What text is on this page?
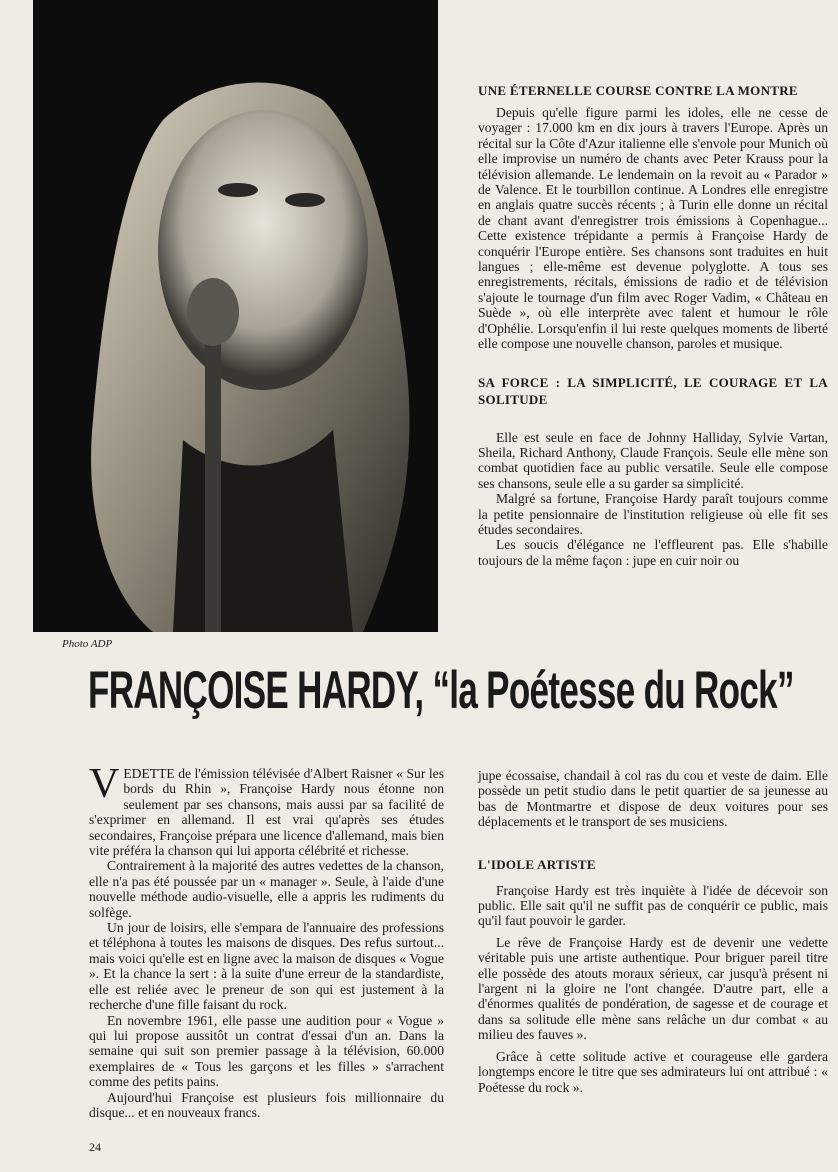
Photo ADP
UNE ÉTERNELLE COURSE CONTRE LA MONTRE

Depuis qu'elle figure parmi les idoles, elle ne cesse de voyager : 17.000 km en dix jours à travers l'Europe. Après un récital sur la Côte d'Azur italienne elle s'envole pour Munich où elle improvise un numéro de chants avec Peter Krauss pour la télévision allemande. Le lendemain on la revoit au « Parador » de Valence. Et le tourbillon continue. A Londres elle enregistre en anglais quatre succès récents ; à Turin elle donne un récital de chant avant d'enregistrer trois émissions à Copenhague... Cette existence trépidante a permis à Françoise Hardy de conquérir l'Europe entière. Ses chansons sont traduites en huit langues ; elle-même est devenue polyglotte. A tous ses enregistrements, récitals, émissions de radio et de télévision s'ajoute le tournage d'un film avec Roger Vadim, « Château en Suède », où elle interprète avec talent et humour le rôle d'Ophélie. Lorsqu'enfin il lui reste quelques moments de liberté elle compose une nouvelle chanson, paroles et musique.

SA FORCE : LA SIMPLICITÉ, LE COURAGE ET LA SOLITUDE

Elle est seule en face de Johnny Halliday, Sylvie Vartan, Sheila, Richard Anthony, Claude François. Seule elle mène son combat quotidien face au public versatile. Seule elle compose ses chansons, seule elle a su garder sa simplicité.

Malgré sa fortune, Françoise Hardy paraît toujours comme la petite pensionnaire de l'institution religieuse où elle fit ses études secondaires.

Les soucis d'élégance ne l'effleurent pas. Elle s'habille toujours de la même façon : jupe en cuir noir ou

FRANÇOISE HARDY, “la Poétesse du Rock”

VEDETTE de l'émission télévisée d'Albert Raisner « Sur les bords du Rhin », Françoise Hardy nous étonne non seulement par ses chansons, mais aussi par sa facilité de s'exprimer en allemand. Il est vrai qu'après ses études secondaires, Françoise prépara une licence d'allemand, mais bien vite préféra la chanson qui lui apporta célébrité et richesse.

Contrairement à la majorité des autres vedettes de la chanson, elle n'a pas été poussée par un « manager ». Seule, à l'aide d'une nouvelle méthode audio-visuelle, elle a appris les rudiments du solfège.

Un jour de loisirs, elle s'empara de l'annuaire des professions et téléphona à toutes les maisons de disques. Des refus surtout... mais voici qu'elle est en ligne avec la maison de disques « Vogue ». Et la chance la sert : à la suite d'une erreur de la standardiste, elle est reliée avec le preneur de son qui est justement à la recherche d'une fille faisant du rock.

En novembre 1961, elle passe une audition pour « Vogue » qui lui propose aussitôt un contrat d'essai d'un an. Dans la semaine qui suit son premier passage à la télévision, 60.000 exemplaires de « Tous les garçons et les filles » s'arrachent comme des petits pains.

Aujourd'hui Françoise est plusieurs fois millionnaire du disque... et en nouveaux francs.

jupe écossaise, chandail à col ras du cou et veste de daim. Elle possède un petit studio dans le petit quartier de sa jeunesse au bas de Montmartre et dispose de deux voitures pour ses déplacements et le transport de ses musiciens.

L'IDOLE ARTISTE

Françoise Hardy est très inquiète à l'idée de décevoir son public. Elle sait qu'il ne suffit pas de conquérir ce public, mais qu'il faut pouvoir le garder.

Le rêve de Françoise Hardy est de devenir une vedette véritable puis une artiste authentique. Pour briguer pareil titre elle possède des atouts moraux sérieux, car jusqu'à présent ni l'argent ni la gloire ne l'ont changée. D'autre part, elle a d'énormes qualités de pondération, de sagesse et de courage et dans sa solitude elle mène sans relâche un dur combat « au milieu des fauves ».

Grâce à cette solitude active et courageuse elle gardera longtemps encore le titre que ses admirateurs lui ont attribué : « Poétesse du rock ».

24
